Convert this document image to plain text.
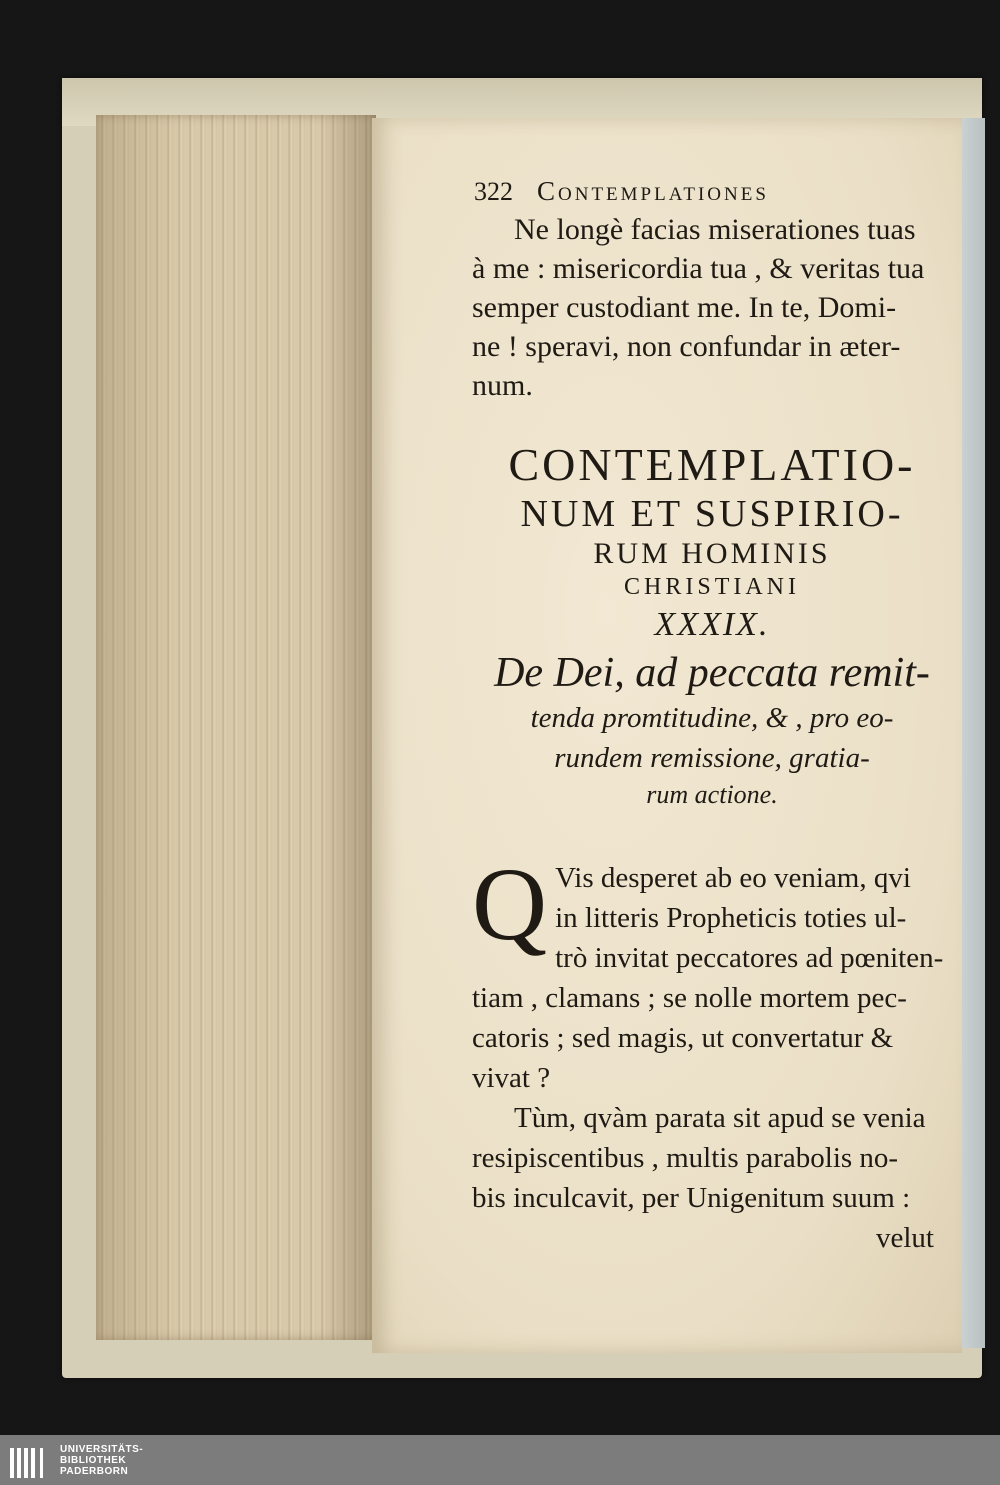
322 Contemplationes
Ne longè facias miserationes tuas
à me : misericordia tua , & veritas tua
semper custodiant me. In te, Domi-
ne ! speravi, non confundar in æter-
num.
CONTEMPLATIO-
NUM ET SUSPIRIO-
RUM HOMINIS
CHRISTIANI
XXXIX.
De Dei, ad peccata remit-
tenda promtitudine, & , pro eo-
rundem remissione, gratia-
rum actione.
Q Vis desperet ab eo veniam, qvi
in litteris Propheticis toties ul-
trò invitat peccatores ad pœniten-
tiam , clamans ; se nolle mortem pec-
catoris ; sed magis, ut convertatur &
vivat ?
Tùm, qvàm parata sit apud se venia
resipiscentibus , multis parabolis no-
bis inculcavit, per Unigenitum suum :
velut
UNIVERSITÄTS-
BIBLIOTHEK
PADERBORN
